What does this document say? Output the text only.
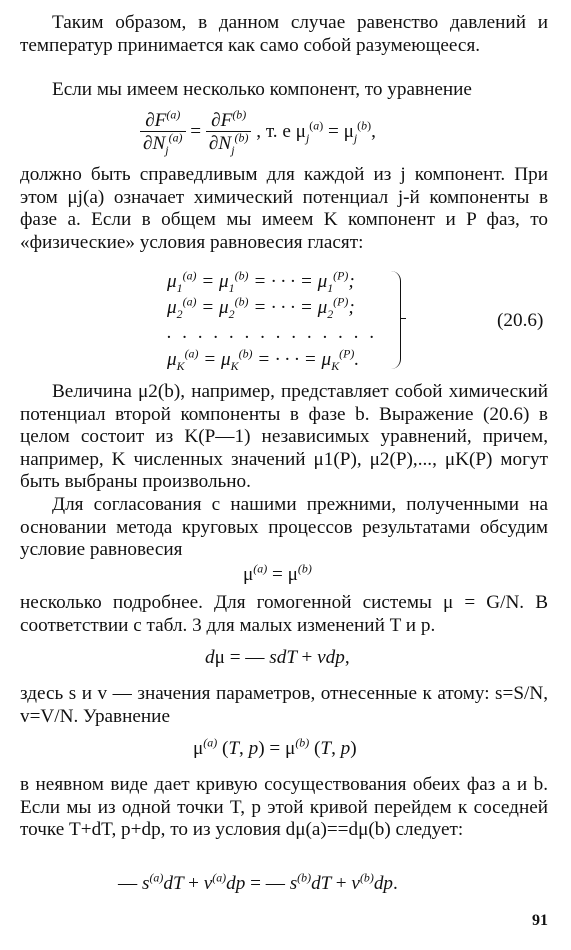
Таким образом, в данном случае равенство давлений и температур принимается как само собой разумеющееся.
Если мы имеем несколько компонент, то уравнение
$\frac{\partial F^{(a)}}{\partial N_j^{(a)}} = \frac{\partial F^{(b)}}{\partial N_j^{(b)}}$ , т. е $\mu_j^{(a)} = \mu_j^{(b)}$,
должно быть справедливым для каждой из j компонент. При этом μj(a) означает химический потенциал j-й компоненты в фазе a. Если в общем мы имеем K компонент и P фаз, то «физические» условия равновесия гласят:
$\mu_1^{(a)} = \mu_1^{(b)}$ = · · · = $\mu_1^{(P)}$;
$\mu_2^{(a)} = \mu_2^{(b)}$ = · · · = $\mu_2^{(P)}$;
. . . . . . . . . . . . . .
$\mu_K^{(a)} = \mu_K^{(b)}$ = · · · = $\mu_K^{(P)}$.
(20.6)
Величина μ2(b), например, представляет собой химический потенциал второй компоненты в фазе b. Выражение (20.6) в целом состоит из K(P—1) независимых уравнений, причем, например, K численных значений μ1(P), μ2(P),..., μK(P) могут быть выбраны произвольно.
Для согласования с нашими прежними, полученными на основании метода круговых процессов результатами обсудим условие равновесия
$\mu^{(a)} = \mu^{(b)}$
несколько подробнее. Для гомогенной системы μ = G/N. В соответствии с табл. 3 для малых изменений T и p.
dμ = — sdT + vdp,
здесь s и v — значения параметров, отнесенные к атому: s=S/N, v=V/N. Уравнение
$\mu^{(a)}$ (T, $p) = \mu^{(b)}$ (T, p)
в неявном виде дает кривую сосуществования обеих фаз a и b. Если мы из одной точки T, p этой кривой перейдем к соседней точке T+dT, p+dp, то из условия dμ(a)==dμ(b) следует:
— $s^{(a)}dT + v^{(a)}dp$ = — $s^{(b)}dT + v^{(b)}dp$.
91
